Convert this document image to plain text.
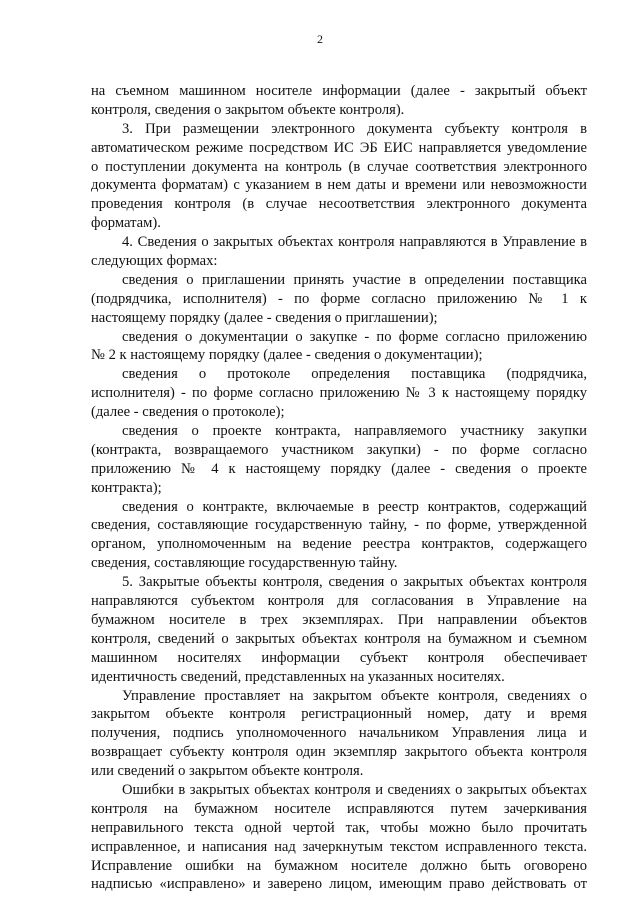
2
на съемном машинном носителе информации (далее - закрытый объект
контроля, сведения о закрытом объекте контроля).
3. При размещении электронного документа субъекту контроля в
автоматическом режиме посредством ИС ЭБ ЕИС направляется уведомление
о поступлении документа на контроль (в случае соответствия электронного
документа форматам) с указанием в нем даты и времени или невозможности
проведения контроля (в случае несоответствия электронного документа
форматам).
4. Сведения о закрытых объектах контроля направляются в Управление в
следующих формах:
сведения о приглашении принять участие в определении поставщика
(подрядчика, исполнителя) - по форме согласно приложению № 1 к
настоящему порядку (далее - сведения о приглашении);
сведения о документации о закупке - по форме согласно приложению
№ 2 к настоящему порядку (далее - сведения о документации);
сведения о протоколе определения поставщика (подрядчика,
исполнителя) - по форме согласно приложению № 3 к настоящему порядку
(далее - сведения о протоколе);
сведения о проекте контракта, направляемого участнику закупки
(контракта, возвращаемого участником закупки) - по форме согласно
приложению № 4 к настоящему порядку (далее - сведения о проекте
контракта);
сведения о контракте, включаемые в реестр контрактов, содержащий
сведения, составляющие государственную тайну, - по форме, утвержденной
органом, уполномоченным на ведение реестра контрактов, содержащего
сведения, составляющие государственную тайну.
5. Закрытые объекты контроля, сведения о закрытых объектах контроля
направляются субъектом контроля для согласования в Управление на
бумажном носителе в трех экземплярах. При направлении объектов
контроля, сведений о закрытых объектах контроля на бумажном и съемном
машинном носителях информации субъект контроля обеспечивает
идентичность сведений, представленных на указанных носителях.
Управление проставляет на закрытом объекте контроля, сведениях о
закрытом объекте контроля регистрационный номер, дату и время
получения, подпись уполномоченного начальником Управления лица и
возвращает субъекту контроля один экземпляр закрытого объекта контроля
или сведений о закрытом объекте контроля.
Ошибки в закрытых объектах контроля и сведениях о закрытых объектах
контроля на бумажном носителе исправляются путем зачеркивания
неправильного текста одной чертой так, чтобы можно было прочитать
исправленное, и написания над зачеркнутым текстом исправленного текста.
Исправление ошибки на бумажном носителе должно быть оговорено
надписью «исправлено» и заверено лицом, имеющим право действовать от
